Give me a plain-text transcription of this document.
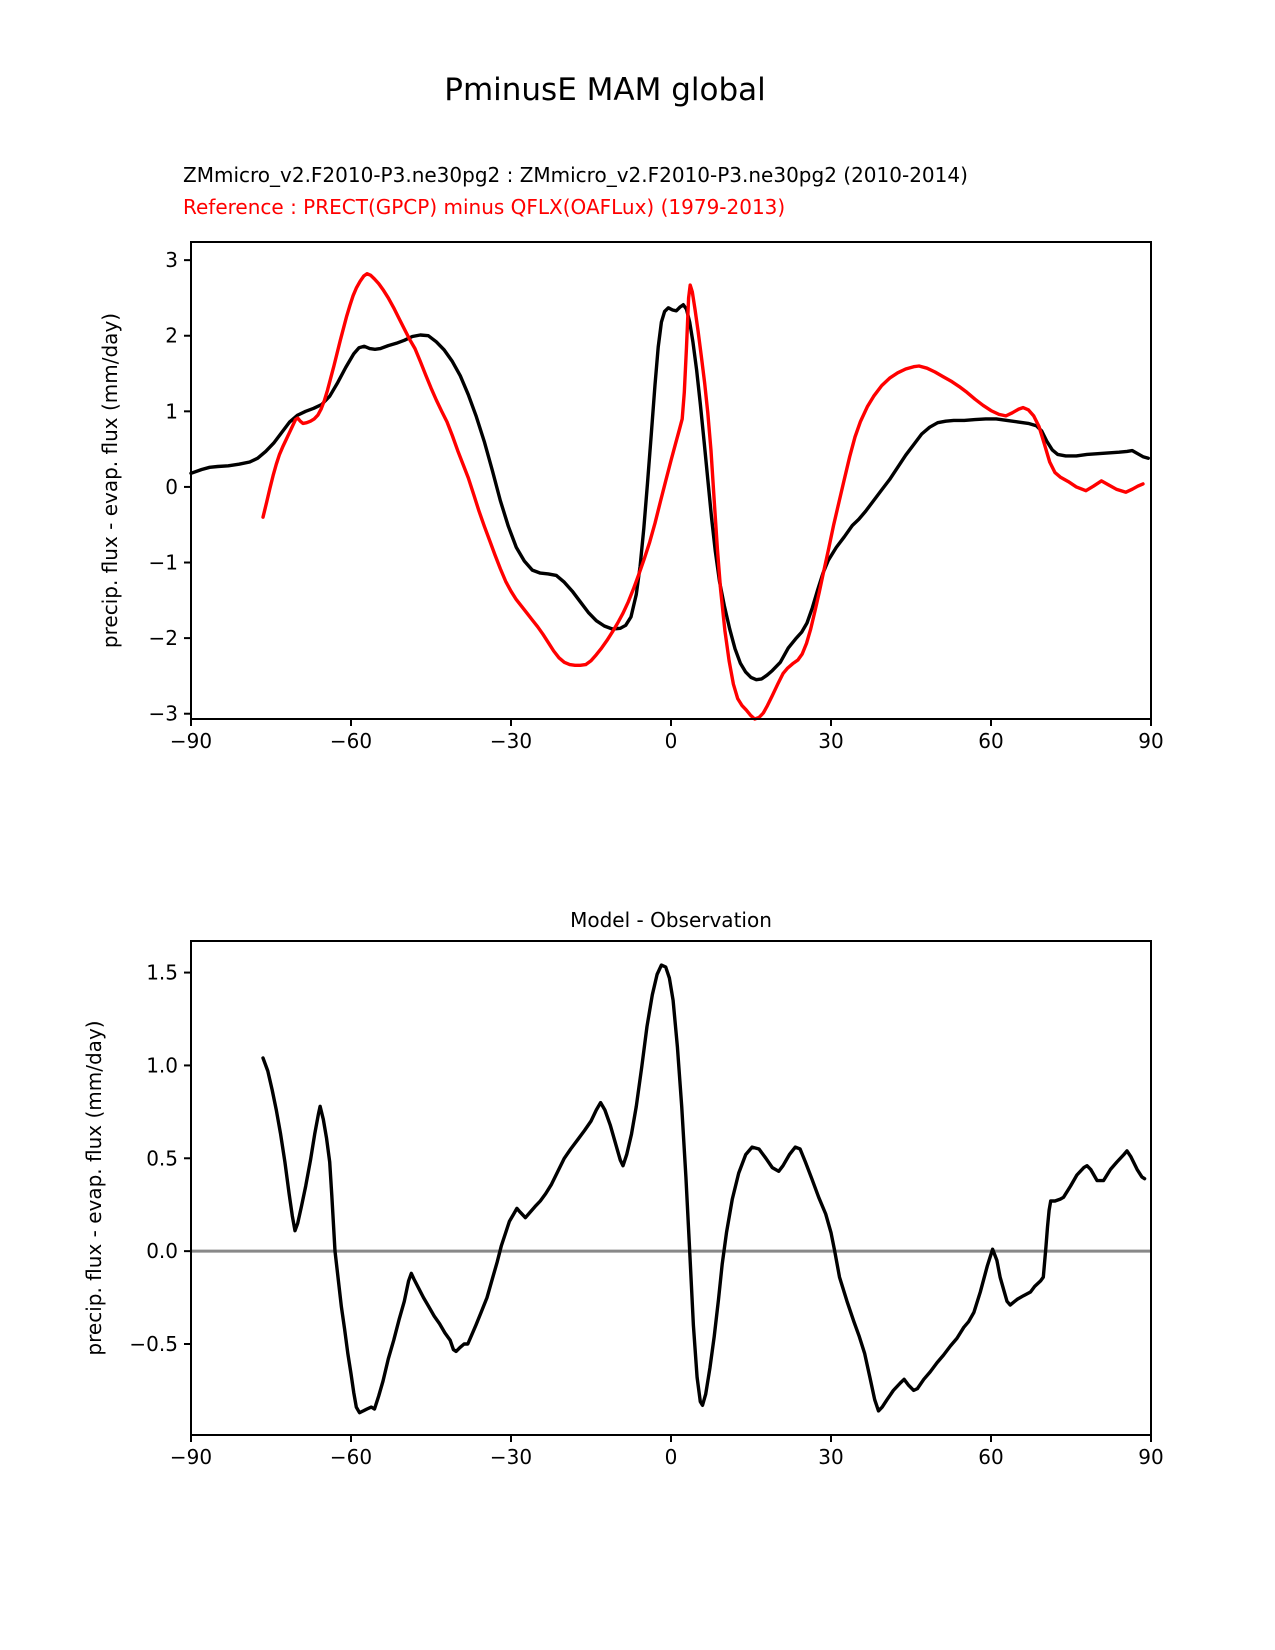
PminusE MAM global
ZMmicro_v2.F2010-P3.ne30pg2 : ZMmicro_v2.F2010-P3.ne30pg2 (2010-2014)
Reference : PRECT(GPCP) minus QFLX(OAFLux) (1979-2013)
−90	−60	−30	0	30	60	90
3
2
1
0
−1
−2
−3
precip. flux - evap. flux (mm/day)
−90	−60	−30	0	30	60	90
1.5
1.0
0.5
0.0
−0.5
precip. flux - evap. flux (mm/day)
Model - Observation
